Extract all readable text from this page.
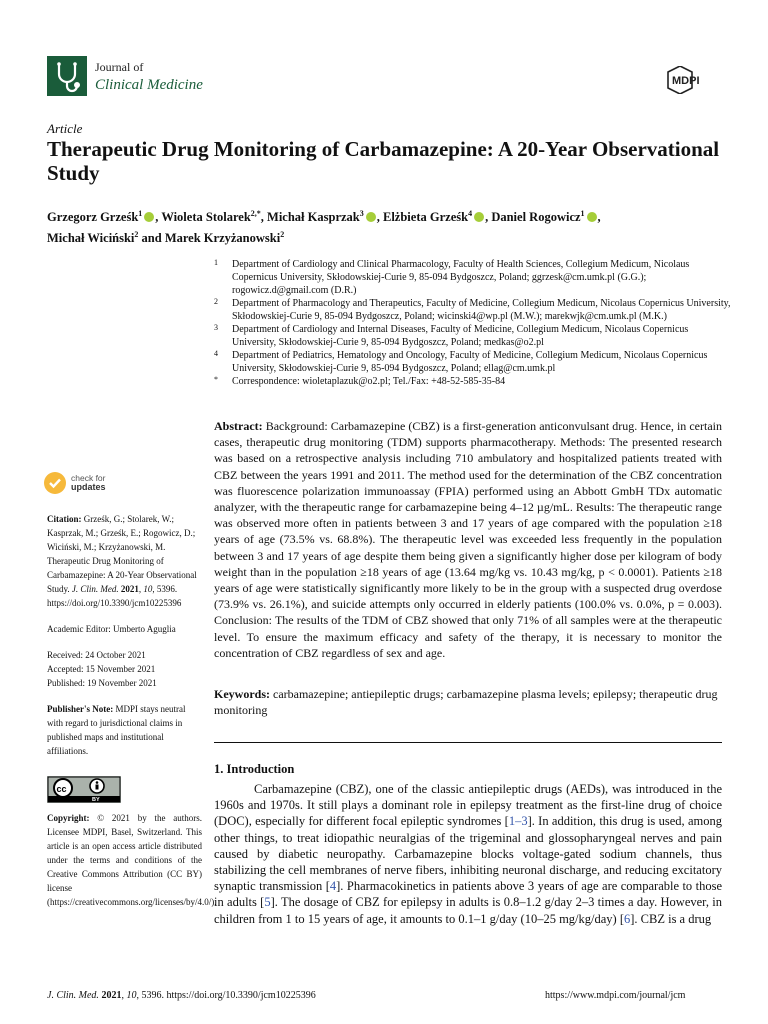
Journal of
Clinical Medicine	MDPI
Article
Therapeutic Drug Monitoring of Carbamazepine: A 20-Year Observational Study
Grzegorz Grześk$^1$ , Wioleta Stolarek$^{2,*}$, Michał Kasprzak$^3$ , Elżbieta Grześk$^4$ , Daniel Rogowicz$^1$ ,
Michał Wiciński$^2$ and Marek Krzyżanowski$^2$
1 Department of Cardiology and Clinical Pharmacology, Faculty of Health Sciences, Collegium Medicum, Nicolaus Copernicus University, Skłodowskiej-Curie 9, 85-094 Bydgoszcz, Poland; ggrzesk@cm.umk.pl (G.G.); rogowicz.d@gmail.com (D.R.)
2 Department of Pharmacology and Therapeutics, Faculty of Medicine, Collegium Medicum, Nicolaus Copernicus University, Skłodowskiej-Curie 9, 85-094 Bydgoszcz, Poland; wicinski4@wp.pl (M.W.); marekwjk@cm.umk.pl (M.K.)
3 Department of Cardiology and Internal Diseases, Faculty of Medicine, Collegium Medicum, Nicolaus Copernicus University, Skłodowskiej-Curie 9, 85-094 Bydgoszcz, Poland; medkas@o2.pl
4 Department of Pediatrics, Hematology and Oncology, Faculty of Medicine, Collegium Medicum, Nicolaus Copernicus University, Skłodowskiej-Curie 9, 85-094 Bydgoszcz, Poland; ellag@cm.umk.pl
* Correspondence: wioletaplazuk@o2.pl; Tel./Fax: +48-52-585-35-84
check for
updates

Citation: Grześk, G.; Stolarek, W.; Kasprzak, M.; Grześk, E.; Rogowicz, D.; Wiciński, M.; Krzyżanowski, M. Therapeutic Drug Monitoring of Carbamazepine: A 20-Year Observational Study. J. Clin. Med. 2021, 10, 5396. https://doi.org/10.3390/jcm10225396

Academic Editor: Umberto Aguglia

Received: 24 October 2021

Accepted: 15 November 2021

Published: 19 November 2021

Publisher's Note: MDPI stays neutral with regard to jurisdictional claims in published maps and institutional affiliations.

cc
BY

Copyright: © 2021 by the authors. Licensee MDPI, Basel, Switzerland. This article is an open access article distributed under the terms and conditions of the Creative Commons Attribution (CC BY) license (https://creativecommons.org/licenses/by/4.0/).

Abstract: Background: Carbamazepine (CBZ) is a first-generation anticonvulsant drug. Hence, in certain cases, therapeutic drug monitoring (TDM) supports pharmacotherapy. Methods: The presented research was based on a retrospective analysis including 710 ambulatory and hospitalized patients treated with CBZ between the years 1991 and 2011. The method used for the determination of the CBZ concentration was fluorescence polarization immunoassay (FPIA) performed using an Abbott GmbH TDx automatic analyzer, with the therapeutic range for carbamazepine being 4–12 µg/mL. Results: The therapeutic range was observed more often in patients between 3 and 17 years of age compared with the population ≥18 years of age (73.5% vs. 68.8%). The therapeutic level was exceeded less frequently in the population between 3 and 17 years of age despite them being given a significantly higher dose per kilogram of body weight than in the population ≥18 years of age (13.64 mg/kg vs. 10.43 mg/kg, p < 0.0001). Patients ≥18 years of age were statistically significantly more likely to be in the group with a suspected drug overdose (73.9% vs. 26.1%), and suicide attempts only occurred in elderly patients (100.0% vs. 0.0%, p = 0.003). Conclusion: The results of the TDM of CBZ showed that only 71% of all samples were at the therapeutic level. To ensure the maximum efficacy and safety of the therapy, it is necessary to monitor the concentration of CBZ regardless of sex and age.
Keywords: carbamazepine; antiepileptic drugs; carbamazepine plasma levels; epilepsy; therapeutic drug monitoring
1. Introduction
Carbamazepine (CBZ), one of the classic antiepileptic drugs (AEDs), was introduced in the 1960s and 1970s. It still plays a dominant role in epilepsy treatment as the first-line drug of choice (DOC), especially for different focal epileptic syndromes [1–3]. In addition, this drug is used, among other things, to treat idiopathic neuralgias of the trigeminal and glossopharyngeal nerves and pain caused by diabetic neuropathy. Carbamazepine blocks voltage-gated sodium channels, thus stabilizing the cell membranes of nerve fibers, inhibiting neuronal discharge, and reducing excitatory synaptic transmission [4]. Pharmacokinetics in patients above 3 years of age are comparable to those in adults [5]. The dosage of CBZ for epilepsy in adults is 0.8–1.2 g/day 2–3 times a day. However, in children from 1 to 15 years of age, it amounts to 0.1–1 g/day (10–25 mg/kg/day) [6]. CBZ is a drug
J. Clin. Med. 2021, 10, 5396. https://doi.org/10.3390/jcm10225396	https://www.mdpi.com/journal/jcm
